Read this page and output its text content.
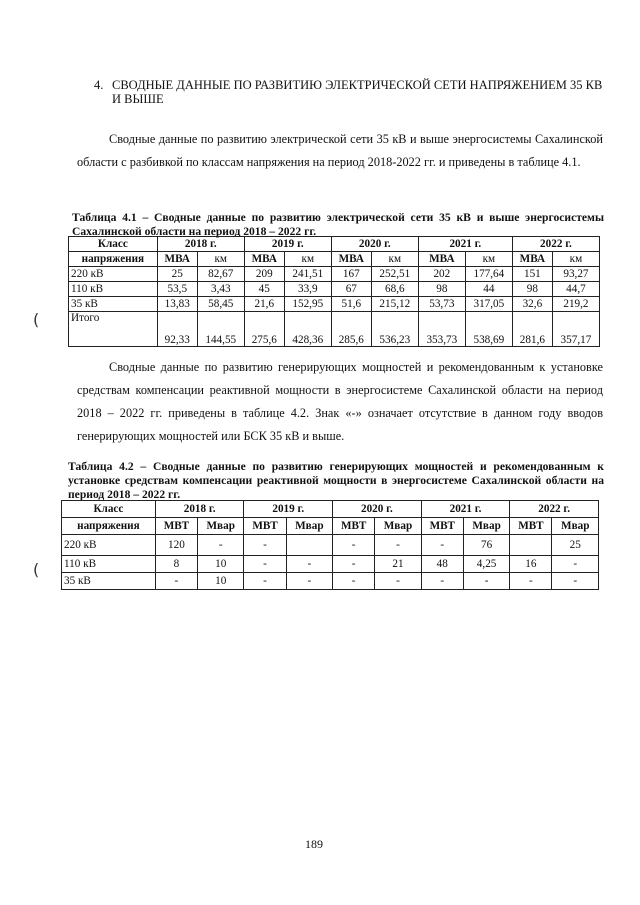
4. СВОДНЫЕ ДАННЫЕ ПО РАЗВИТИЮ ЭЛЕКТРИЧЕСКОЙ СЕТИ НАПРЯЖЕНИЕМ 35 КВ
И ВЫШЕ

Сводные данные по развитию электрической сети 35 кВ и выше энергосистемы Сахалинской области с разбивкой по классам напряжения на период 2018-2022 гг. и приведены в таблице 4.1.

Таблица 4.1 – Сводные данные по развитию электрической сети 35 кВ и выше энергосистемы Сахалинской области на период 2018 – 2022 гг.
Класс	2018 г.		2019 г.		2020 г.		2021 г.		2022 г.	
напряжения	МВА	км	МВА	км	МВА	км	МВА	км	МВА	км
220 кВ	25	82,67	209	241,51	167	252,51	202	177,64	151	93,27
110 кВ	53,5	3,43	45	33,9	67	68,6	98	44	98	44,7
35 кВ	13,83	58,45	21,6	152,95	51,6	215,12	53,73	317,05	32,6	219,2
Итого	92,33	144,55	275,6	428,36	285,6	536,23	353,73	538,69	281,6	357,17

Сводные данные по развитию генерирующих мощностей и рекомендованным к установке средствам компенсации реактивной мощности в энергосистеме Сахалинской области на период 2018 – 2022 гг. приведены в таблице 4.2. Знак «-» означает отсутствие в данном году вводов генерирующих мощностей или БСК 35 кВ и выше.

Таблица 4.2 – Сводные данные по развитию генерирующих мощностей и рекомендованным к установке средствам компенсации реактивной мощности в энергосистеме Сахалинской области на период 2018 – 2022 гг.
Класс	2018 г.		2019 г.		2020 г.		2021 г.		2022 г.	
напряжения	МВТ	Мвар	МВТ	Мвар	МВТ	Мвар	МВТ	Мвар	МВТ	Мвар
220 кВ	120	-	-		-	-	-	76		25
110 кВ	8	10	-	-	-	21	48	4,25	16	-
35 кВ	-	10	-	-	-	-	-	-	-	-
(
(
189
